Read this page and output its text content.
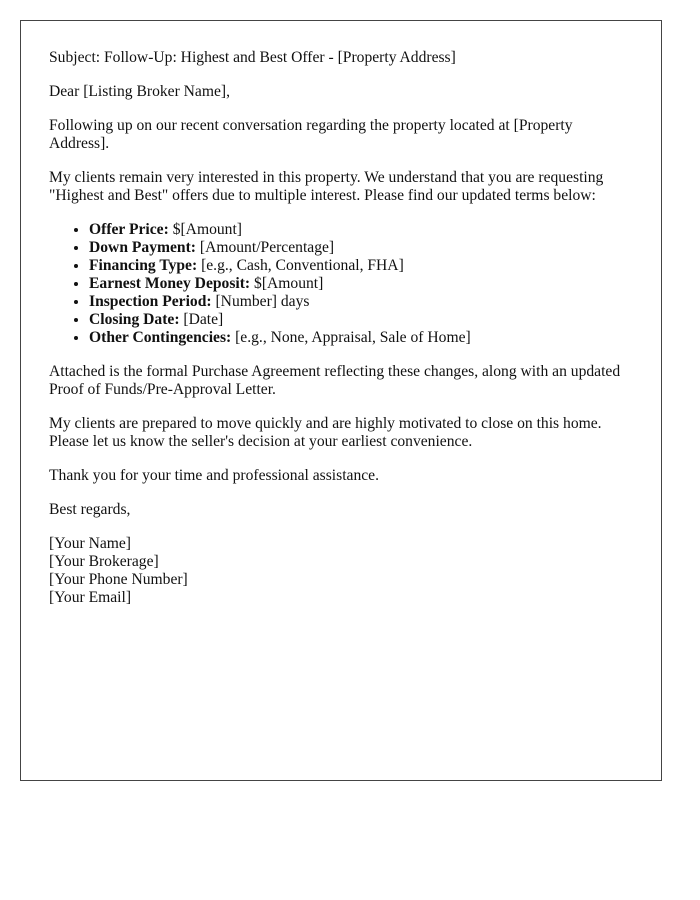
Subject: Follow-Up: Highest and Best Offer - [Property Address]

Dear [Listing Broker Name],

Following up on our recent conversation regarding the property located at [Property Address].

My clients remain very interested in this property. We understand that you are requesting "Highest and Best" offers due to multiple interest. Please find our updated terms below:

• Offer Price: $[Amount]
• Down Payment: [Amount/Percentage]
• Financing Type: [e.g., Cash, Conventional, FHA]
• Earnest Money Deposit: $[Amount]
• Inspection Period: [Number] days
• Closing Date: [Date]
• Other Contingencies: [e.g., None, Appraisal, Sale of Home]

Attached is the formal Purchase Agreement reflecting these changes, along with an updated Proof of Funds/Pre-Approval Letter.

My clients are prepared to move quickly and are highly motivated to close on this home. Please let us know the seller's decision at your earliest convenience.

Thank you for your time and professional assistance.

Best regards,

[Your Name]
[Your Brokerage]
[Your Phone Number]
[Your Email]
